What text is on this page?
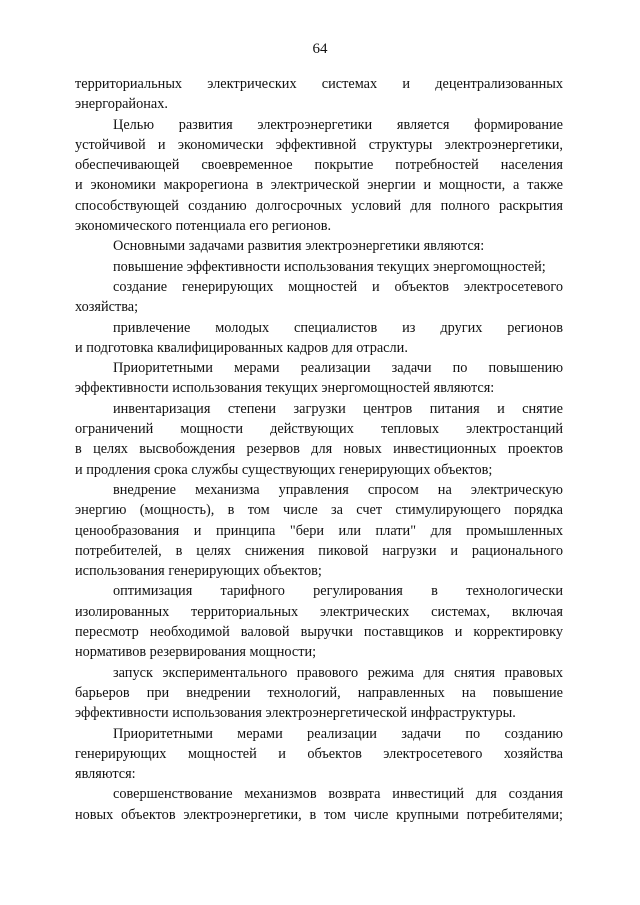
64
территориальных электрических системах и децентрализованных
энергорайонах.
Целью развития электроэнергетики является формирование
устойчивой и экономически эффективной структуры электроэнергетики,
обеспечивающей своевременное покрытие потребностей населения
и экономики макрорегиона в электрической энергии и мощности, а также
способствующей созданию долгосрочных условий для полного раскрытия
экономического потенциала его регионов.
Основными задачами развития электроэнергетики являются:
повышение эффективности использования текущих энергомощностей;
создание генерирующих мощностей и объектов электросетевого
хозяйства;
привлечение молодых специалистов из других регионов
и подготовка квалифицированных кадров для отрасли.
Приоритетными мерами реализации задачи по повышению
эффективности использования текущих энергомощностей являются:
инвентаризация степени загрузки центров питания и снятие
ограничений мощности действующих тепловых электростанций
в целях высвобождения резервов для новых инвестиционных проектов
и продления срока службы существующих генерирующих объектов;
внедрение механизма управления спросом на электрическую
энергию (мощность), в том числе за счет стимулирующего порядка
ценообразования и принципа "бери или плати" для промышленных
потребителей, в целях снижения пиковой нагрузки и рационального
использования генерирующих объектов;
оптимизация тарифного регулирования в технологически
изолированных территориальных электрических системах, включая
пересмотр необходимой валовой выручки поставщиков и корректировку
нормативов резервирования мощности;
запуск экспериментального правового режима для снятия правовых
барьеров при внедрении технологий, направленных на повышение
эффективности использования электроэнергетической инфраструктуры.
Приоритетными мерами реализации задачи по созданию
генерирующих мощностей и объектов электросетевого хозяйства
являются:
совершенствование механизмов возврата инвестиций для создания
новых объектов электроэнергетики, в том числе крупными потребителями;
